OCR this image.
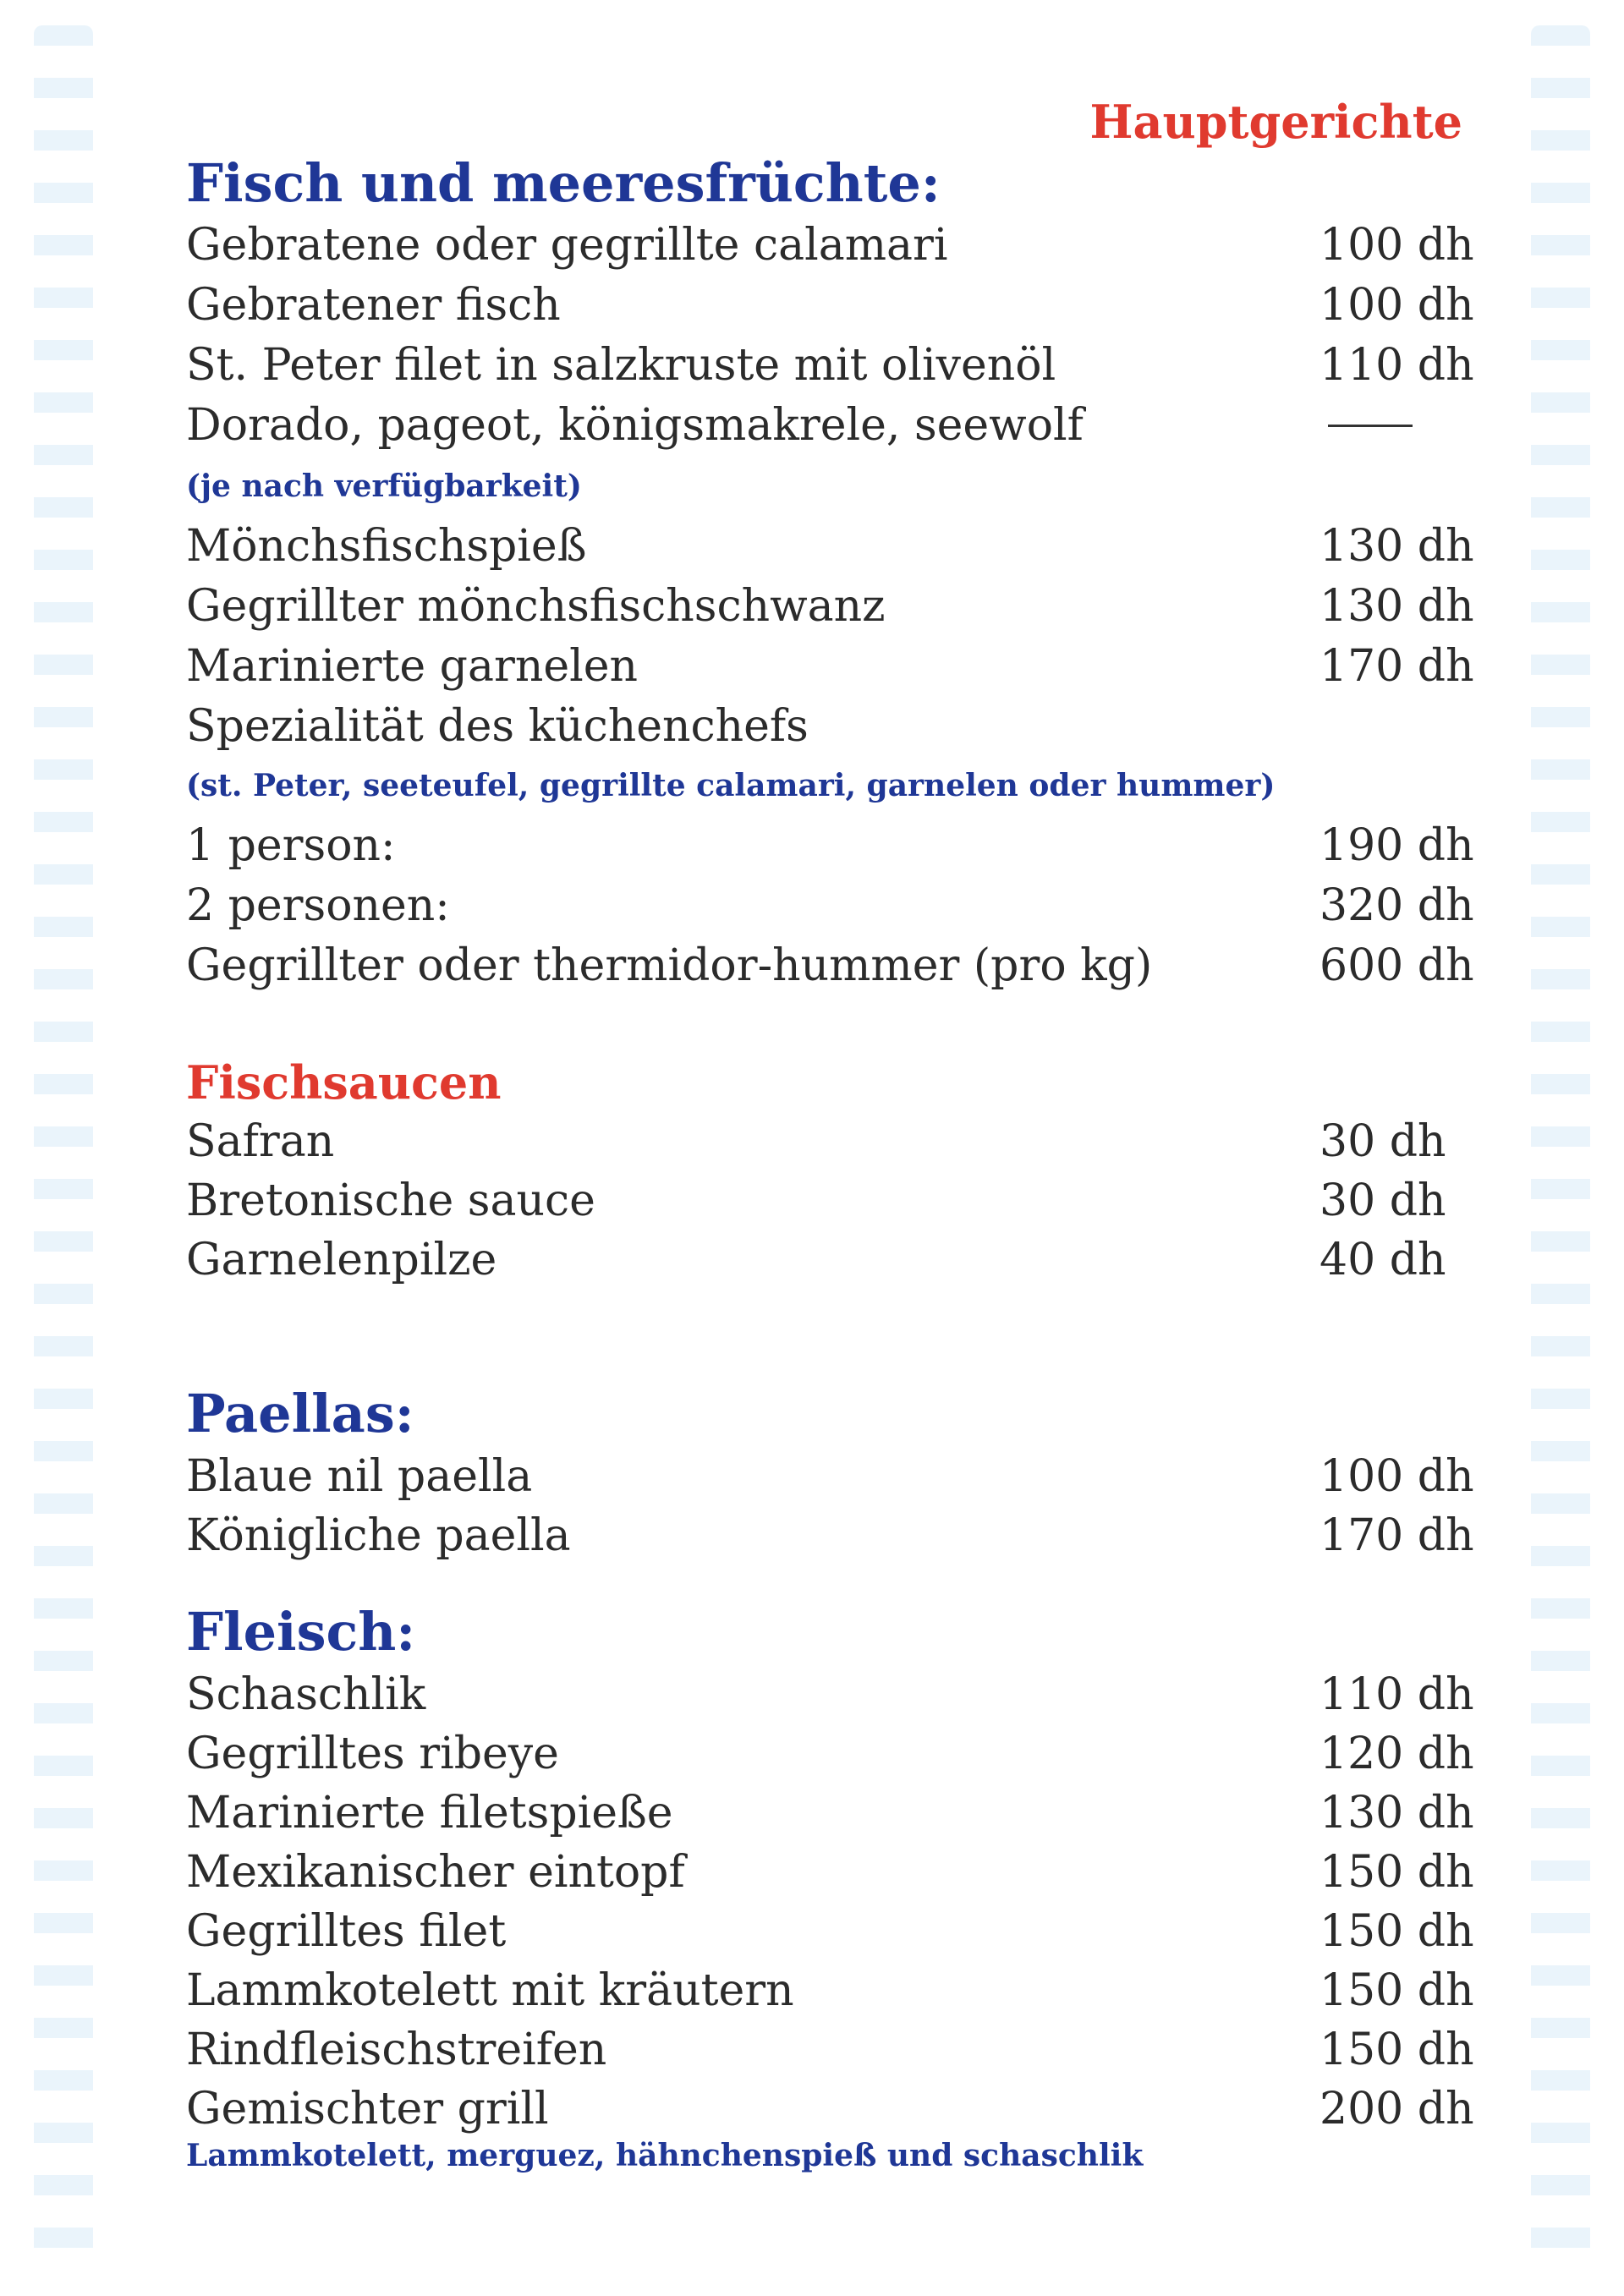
Hauptgerichte
Fisch und meeresfrüchte:
Gebratene oder gegrillte calamari	100 dh
Gebratener fisch	100 dh
St. Peter filet in salzkruste mit olivenöl	110 dh
Dorado, pageot, königsmakrele, seewolf
(je nach verfügbarkeit)
Mönchsfischspieß	130 dh
Gegrillter mönchsfischschwanz	130 dh
Marinierte garnelen	170 dh
Spezialität des küchenchefs
(st. Peter, seeteufel, gegrillte calamari, garnelen oder hummer)
1 person:	190 dh
2 personen:	320 dh
Gegrillter oder thermidor-hummer (pro kg)	600 dh
Fischsaucen
Safran	30 dh
Bretonische sauce	30 dh
Garnelenpilze	40 dh
Paellas:
Blaue nil paella	100 dh
Königliche paella	170 dh
Fleisch:
Schaschlik	110 dh
Gegrilltes ribeye	120 dh
Marinierte filetspieße	130 dh
Mexikanischer eintopf	150 dh
Gegrilltes filet	150 dh
Lammkotelett mit kräutern	150 dh
Rindfleischstreifen	150 dh
Gemischter grill	200 dh
Lammkotelett, merguez, hähnchenspieß und schaschlik
